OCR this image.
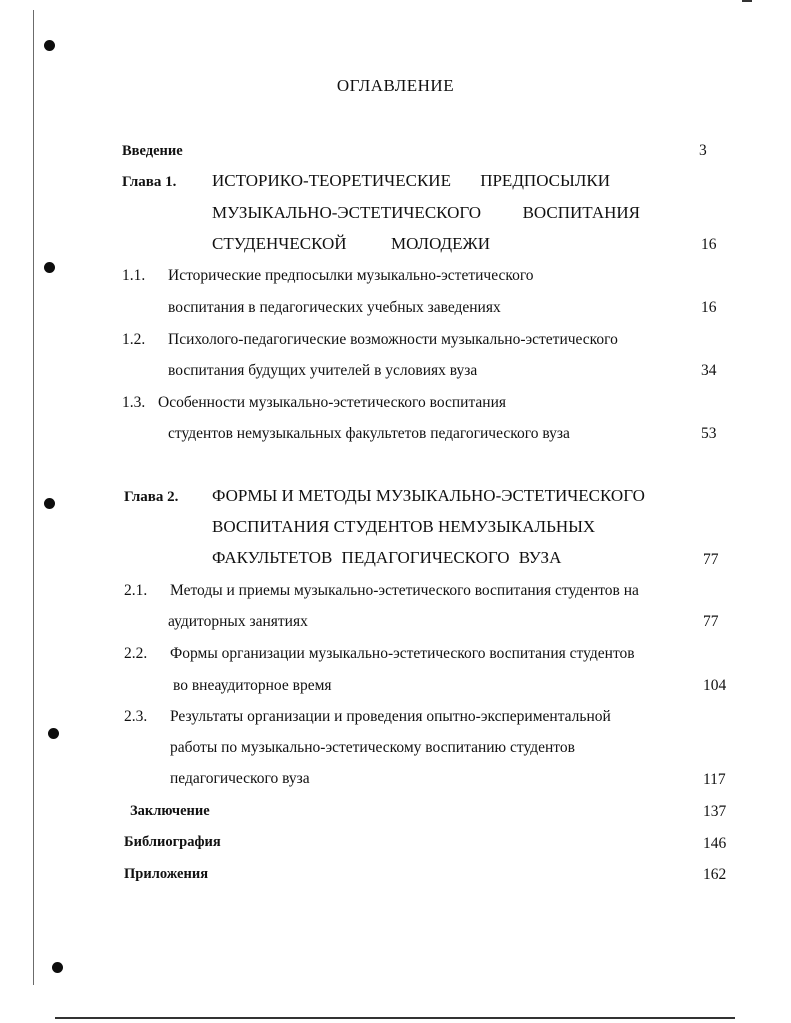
ОГЛАВЛЕНИЕ
Введение	3
Глава 1. ИСТОРИКО-ТЕОРЕТИЧЕСКИЕ ПРЕДПОСЫЛКИ
МУЗЫКАЛЬНО-ЭСТЕТИЧЕСКОГО ВОСПИТАНИЯ
СТУДЕНЧЕСКОЙ	МОЛОДЕЖИ	16
1.1. Исторические предпосылки музыкально-эстетического
воспитания в педагогических учебных заведениях	16
1.2. Психолого-педагогические возможности музыкально-эстетического
воспитания будущих учителей в условиях вуза	34
1.3. Особенности музыкально-эстетического воспитания
студентов немузыкальных факультетов педагогического вуза	53
Глава 2. ФОРМЫ И МЕТОДЫ МУЗЫКАЛЬНО-ЭСТЕТИЧЕСКОГО
ВОСПИТАНИЯ СТУДЕНТОВ НЕМУЗЫКАЛЬНЫХ
ФАКУЛЬТЕТОВ ПЕДАГОГИЧЕСКОГО ВУЗА	77
2.1. Методы и приемы музыкально-эстетического воспитания студентов на
аудиторных занятиях	77
2.2. Формы организации музыкально-эстетического воспитания студентов
во внеаудиторное время	104
2.3. Результаты организации и проведения опытно-экспериментальной
работы по музыкально-эстетическому воспитанию студентов
педагогического вуза	117
Заключение	137
Библиография	146
Приложения	162
